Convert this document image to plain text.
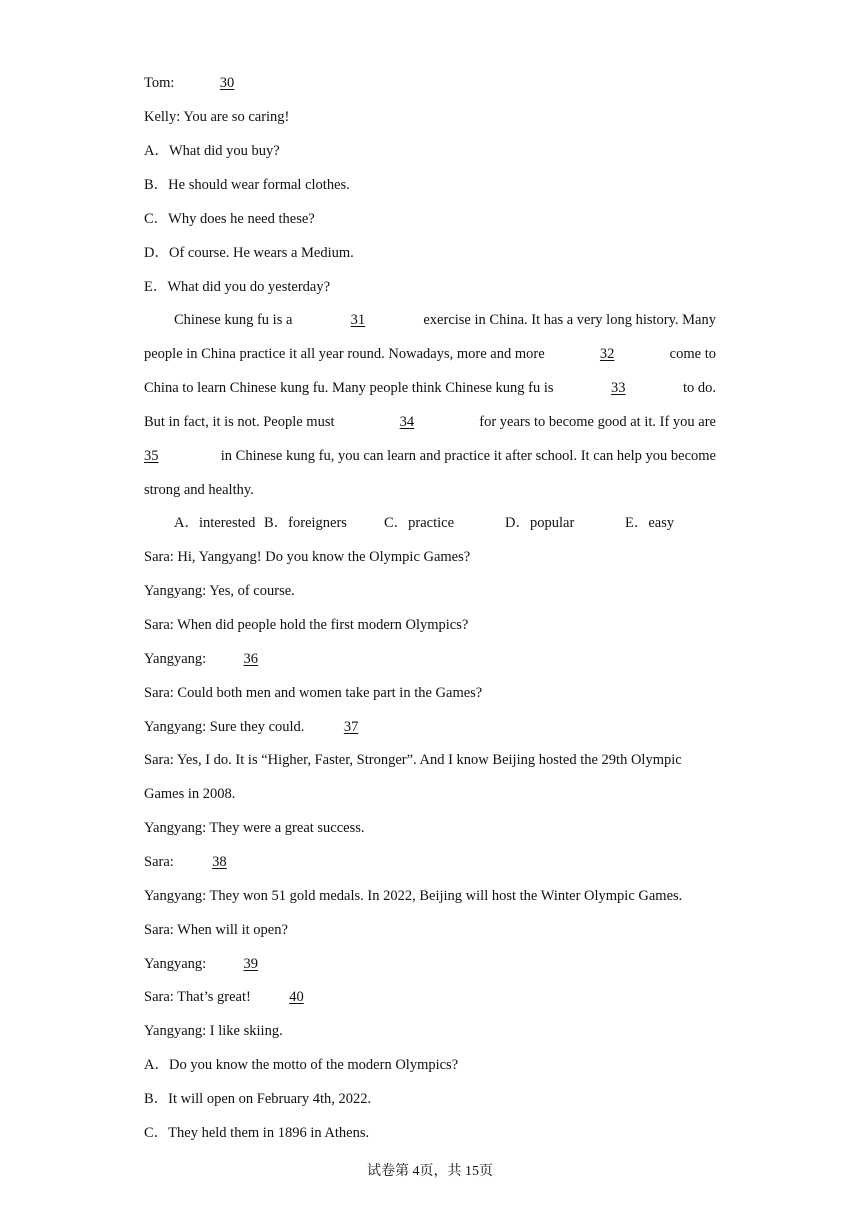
Tom:	30
Kelly: You are so caring!
A．What did you buy?
B．He should wear formal clothes.
C．Why does he need these?
D．Of course. He wears a Medium.
E．What did you do yesterday?
Chinese kung fu is a	31	exercise in China. It has a very long history. Many
people in China practice it all year round. Nowadays, more and more	32	come to
China to learn Chinese kung fu. Many people think Chinese kung fu is	33	to do.
But in fact, it is not. People must	34	for years to become good at it. If you are
35	in Chinese kung fu, you can learn and practice it after school. It can help you become
strong and healthy.
A．interested B．foreigners	C．practice	D．popular	E．easy
Sara: Hi, Yangyang! Do you know the Olympic Games?
Yangyang: Yes, of course.
Sara: When did people hold the first modern Olympics?
Yangyang:	36
Sara: Could both men and women take part in the Games?
Yangyang: Sure they could.	37
Sara: Yes, I do. It is “Higher, Faster, Stronger”. And I know Beijing hosted the 29th Olympic
Games in 2008.
Yangyang: They were a great success.
Sara:	38
Yangyang: They won 51 gold medals. In 2022, Beijing will host the Winter Olympic Games.
Sara: When will it open?
Yangyang:	39
Sara: That’s great!	40
Yangyang: I like skiing.
A．Do you know the motto of the modern Olympics?
B．It will open on February 4th, 2022.
C．They held them in 1896 in Athens.
试卷第 4页，共 15页
